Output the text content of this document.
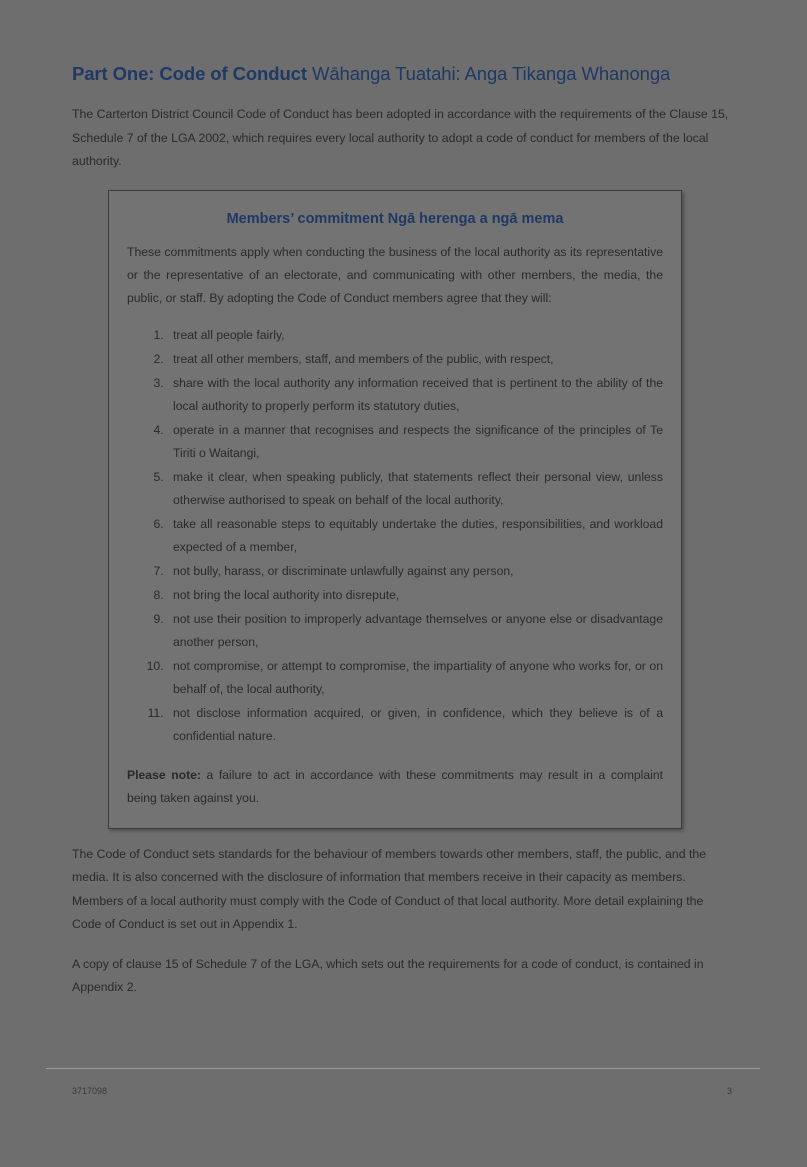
Part One: Code of Conduct Wāhanga Tuatahi: Anga Tikanga Whanonga

The Carterton District Council Code of Conduct has been adopted in accordance with the requirements of the Clause 15, Schedule 7 of the LGA 2002, which requires every local authority to adopt a code of conduct for members of the local authority.

Members’ commitment Ngā herenga a ngā mema

These commitments apply when conducting the business of the local authority as its representative or the representative of an electorate, and communicating with other members, the media, the public, or staff. By adopting the Code of Conduct members agree that they will:

1. treat all people fairly,
2. treat all other members, staff, and members of the public, with respect,
3. share with the local authority any information received that is pertinent to the ability of the local authority to properly perform its statutory duties,
4. operate in a manner that recognises and respects the significance of the principles of Te Tiriti o Waitangi,
5. make it clear, when speaking publicly, that statements reflect their personal view, unless otherwise authorised to speak on behalf of the local authority,
6. take all reasonable steps to equitably undertake the duties, responsibilities, and workload expected of a member,
7. not bully, harass, or discriminate unlawfully against any person,
8. not bring the local authority into disrepute,
9. not use their position to improperly advantage themselves or anyone else or disadvantage another person,
10. not compromise, or attempt to compromise, the impartiality of anyone who works for, or on behalf of, the local authority,
11. not disclose information acquired, or given, in confidence, which they believe is of a confidential nature.

Please note: a failure to act in accordance with these commitments may result in a complaint being taken against you.

The Code of Conduct sets standards for the behaviour of members towards other members, staff, the public, and the media. It is also concerned with the disclosure of information that members receive in their capacity as members. Members of a local authority must comply with the Code of Conduct of that local authority. More detail explaining the Code of Conduct is set out in Appendix 1.

A copy of clause 15 of Schedule 7 of the LGA, which sets out the requirements for a code of conduct, is contained in Appendix 2.

3717098	3
